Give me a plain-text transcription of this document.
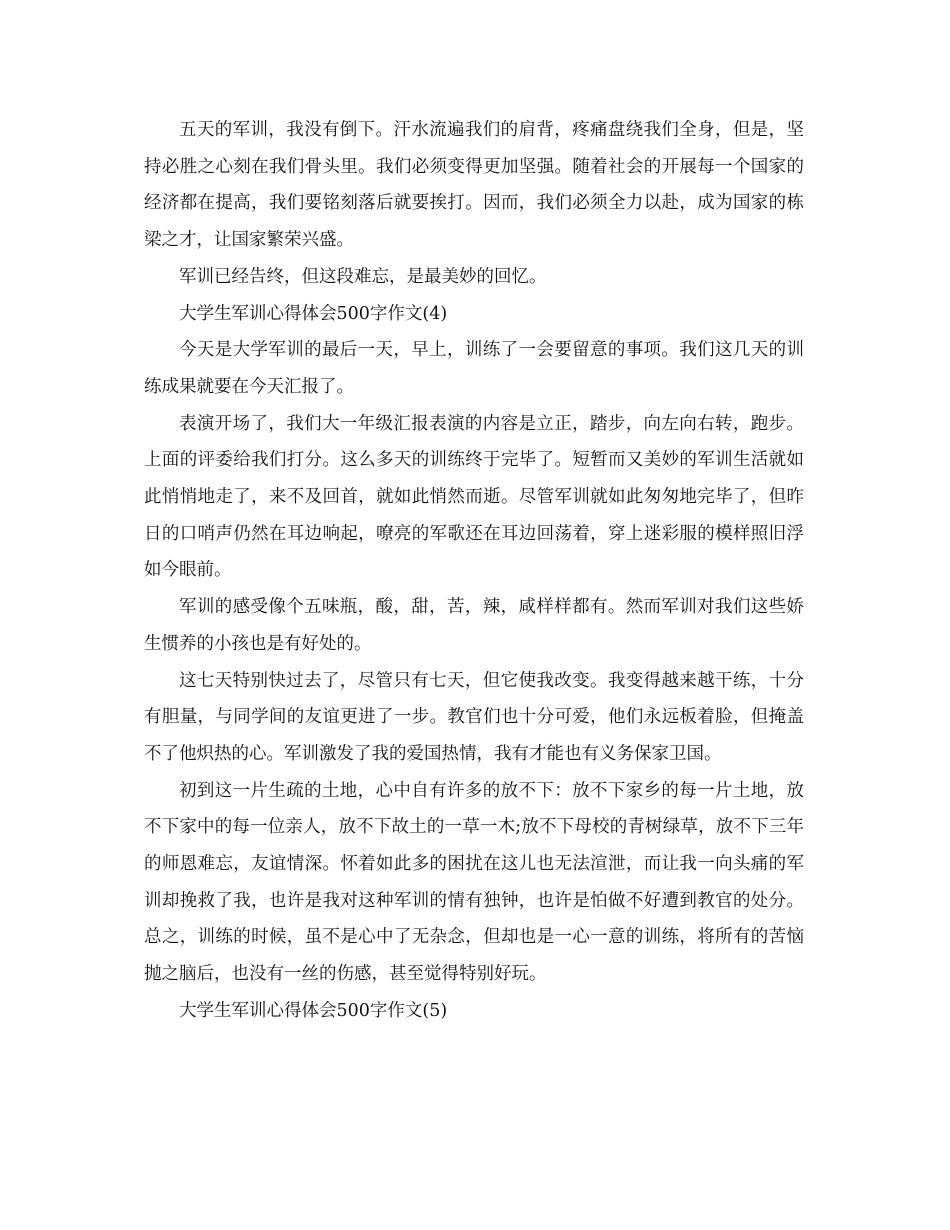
五天的军训，我没有倒下。汗水流遍我们的肩背，疼痛盘绕我们全身，但是，坚持必胜之心刻在我们骨头里。我们必须变得更加坚强。随着社会的开展每一个国家的经济都在提高，我们要铭刻落后就要挨打。因而，我们必须全力以赴，成为国家的栋梁之才，让国家繁荣兴盛。

军训已经告终，但这段难忘，是最美妙的回忆。

大学生军训心得体会500字作文(4)

今天是大学军训的最后一天，早上，训练了一会要留意的事项。我们这几天的训练成果就要在今天汇报了。

表演开场了，我们大一年级汇报表演的内容是立正，踏步，向左向右转，跑步。上面的评委给我们打分。这么多天的训练终于完毕了。短暂而又美妙的军训生活就如此悄悄地走了，来不及回首，就如此悄然而逝。尽管军训就如此匆匆地完毕了，但昨日的口哨声仍然在耳边响起，嘹亮的军歌还在耳边回荡着，穿上迷彩服的模样照旧浮如今眼前。

军训的感受像个五味瓶，酸，甜，苦，辣，咸样样都有。然而军训对我们这些娇生惯养的小孩也是有好处的。

这七天特别快过去了，尽管只有七天，但它使我改变。我变得越来越干练，十分有胆量，与同学间的友谊更进了一步。教官们也十分可爱，他们永远板着脸，但掩盖不了他炽热的心。军训激发了我的爱国热情，我有才能也有义务保家卫国。

初到这一片生疏的土地，心中自有许多的放不下：放不下家乡的每一片土地，放不下家中的每一位亲人，放不下故土的一草一木;放不下母校的青树绿草，放不下三年的师恩难忘，友谊情深。怀着如此多的困扰在这儿也无法渲泄，而让我一向头痛的军训却挽救了我，也许是我对这种军训的情有独钟，也许是怕做不好遭到教官的处分。总之，训练的时候，虽不是心中了无杂念，但却也是一心一意的训练，将所有的苦恼抛之脑后，也没有一丝的伤感，甚至觉得特别好玩。

大学生军训心得体会500字作文(5)
